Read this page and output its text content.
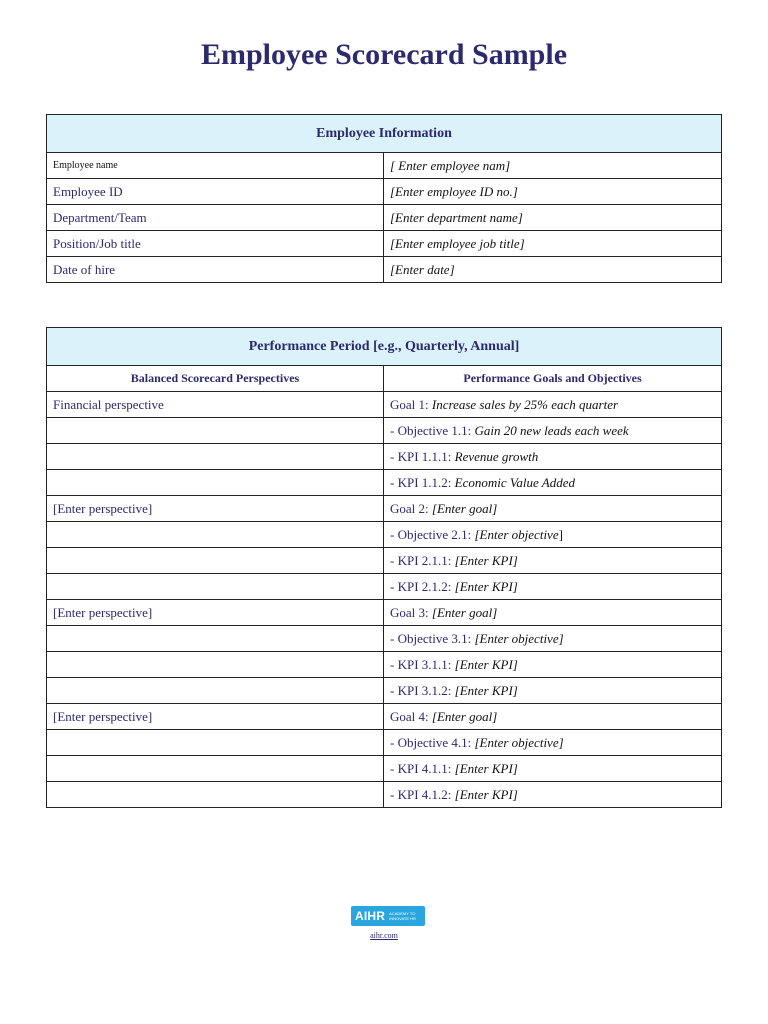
Employee Scorecard Sample
Employee Information	
Employee name	[ Enter employee nam]
Employee ID	[Enter employee ID no.]
Department/Team	[Enter department name]
Position/Job title	[Enter employee job title]
Date of hire	[Enter date]
Performance Period [e.g., Quarterly, Annual]	
Balanced Scorecard Perspectives	Performance Goals and Objectives
Financial perspective	Goal 1: Increase sales by 25% each quarter
	- Objective 1.1: Gain 20 new leads each week
	- KPI 1.1.1: Revenue growth
	- KPI 1.1.2: Economic Value Added
[Enter perspective]	Goal 2: [Enter goal]
	- Objective 2.1: [Enter objective]
	- KPI 2.1.1: [Enter KPI]
	- KPI 2.1.2: [Enter KPI]
[Enter perspective]	Goal 3: [Enter goal]
	- Objective 3.1: [Enter objective]
	- KPI 3.1.1: [Enter KPI]
	- KPI 3.1.2: [Enter KPI]
[Enter perspective]	Goal 4: [Enter goal]
	- Objective 4.1: [Enter objective]
	- KPI 4.1.1: [Enter KPI]
	- KPI 4.1.2: [Enter KPI]
AIHR	ACADEMY TO INNOVATE HR
aihr.com
